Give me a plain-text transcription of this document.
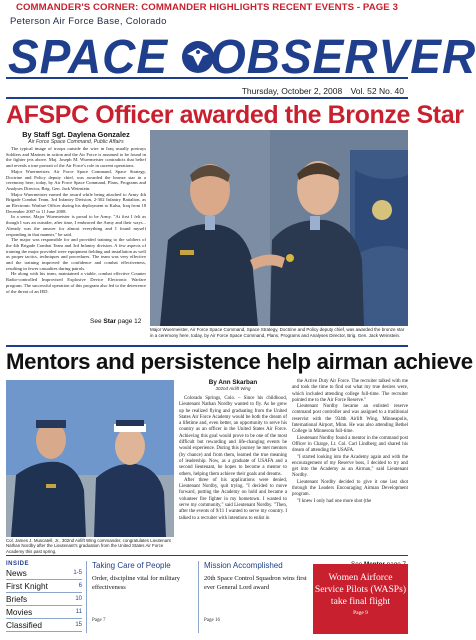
COMMANDER'S CORNER: COMMANDER HIGHLIGHTS RECENT EVENTS - PAGE 3
Peterson Air Force Base, Colorado
SPACE OBSERVER
Thursday, October 2, 2008 Vol. 52 No. 40
AFSPC Officer awarded the Bronze Star
By Staff Sgt. Daylena Gonzalez
Air Force Space Command, Public Affairs

The typical image of troops outside the wire in Iraq usually portrays Soldiers and Marines in action and the Air Force is assumed to be found in the fighter jets above. Maj. Joseph M. Wuermeister contradicts that belief and reveals a true portrait of the Air Force's role in current operations.

Major Wuermeister, Air Force Space Command, Space Strategy, Doctrine and Policy deputy chief, was awarded the bronze star in a ceremony here, today, by Air Force Space Command, Plans, Programs and Analyses Director, Brig. Gen. Jack Weinstein.

Major Wuermeister earned the award while being attached to Army 4th Brigade Combat Team, 3rd Infantry Division, 2-302 Infantry Battalion, as an Electronic Warfare Officer during his deployment to Kalsu, Iraq from 18 December 2007 to 11 June 2008.

In a sense, Major Wuermeister is proud to be Army. "At first I felt as though I was an outsider, after time, I embraced the Army and their ways... Already was the answer for almost everything and I found myself responding in that manner," he said.

The major was responsible for and provided training to the soldiers of the 4th Brigade Combat Team and 3rd Infantry division. A few aspects of training the major provided were equipment fielding and installation as well as proper tactics, techniques and procedures. The team was very effective and the training improved the confidence and combat effectiveness, resulting in fewer casualties during patrols.

He along with his team, maintained a viable, combat effective Counter Radio-controlled Improvised Explosive Device Electronic Warfare program. The successful operation of this program also led to the deterrence of the threat of an IED.

See Star page 12
Major Wuermeister, Air Force Space Command, Space Strategy, Doctrine and Policy deputy chief, was awarded the bronze star in a ceremony here, today, by Air Force Space Command, Plans, Programs and Analyses Director, Brig. Gen. Jack Weinstein.
Mentors and persistence help airman achieve
Col. James J. Muscatell, Jr., 302nd Airlift Wing commander, congratulates Lieutenant Nathan Nordby after the Lieutenant's graduation from the United States Air Force Academy this past spring.
By Ann Skarban
302nd Airlift Wing

Colorado Springs, Colo. – Since his childhood, Lieutenant Nathan Nordby wanted to fly. As he grew up he realized flying and graduating from the United States Air Force Academy would be both the dream of a lifetime and, even better, an opportunity to serve his country as an officer in the United States Air Force. Achieving this goal would prove to be one of the most difficult but rewarding and life-changing events he would experience. During this journey he met mentors (by chance) and from them, learned the true meaning of leadership. Now, as a graduate of USAFA and a second lieutenant, he hopes to become a mentor to others, helping them achieve their goals and dreams.

After three of his applications were denied, Lieutenant Nordby, quit trying. "I decided to move forward, putting the Academy on hold and became a volunteer fire fighter in my hometown. I wanted to serve my community," said Lieutenant Nordby. "Then, after the events of 9/11 I wanted to serve my country. I talked to a recruiter with intentions to enlist in

the Active Duty Air Force. The recruiter talked with me and took the time to find out what my true desires were, which included attending college full-time. The recruiter pointed me to the Air Force Reserve."

Lieutenant Nordby became an enlisted reserve command post controller and was assigned to a traditional reservist with the 934th Airlift Wing, Minneapolis, International Airport, Minn. He was also attending Bethel College in Minnesota full-time.

Lieutenant Nordby found a mentor in the command post Officer in Charge, Lt. Col. Carl Lindberg and shared his dream of attending the USAFA.

"I started looking into the Academy again and with the encouragement of my Reserve boss, I decided to try and get into the Academy as an Airman," said Lieutenant Nordby.

Lieutenant Nordby decided to give it one last shot through the Leaders Encouraging Airman Development program.

"I knew I only had one more shot (the

INSIDE
News	1-5
First Knight	6
Briefs	10
Movies	11
Classified	15
Taking Care of People
Order, discipline vital for military effectiveness
Page 7
Mission Accomplished
20th Space Control Squadron wins first ever General Lord award
Page 16
Women Airforce
Service Pilots (WASPs)
take final flight
Page 9
